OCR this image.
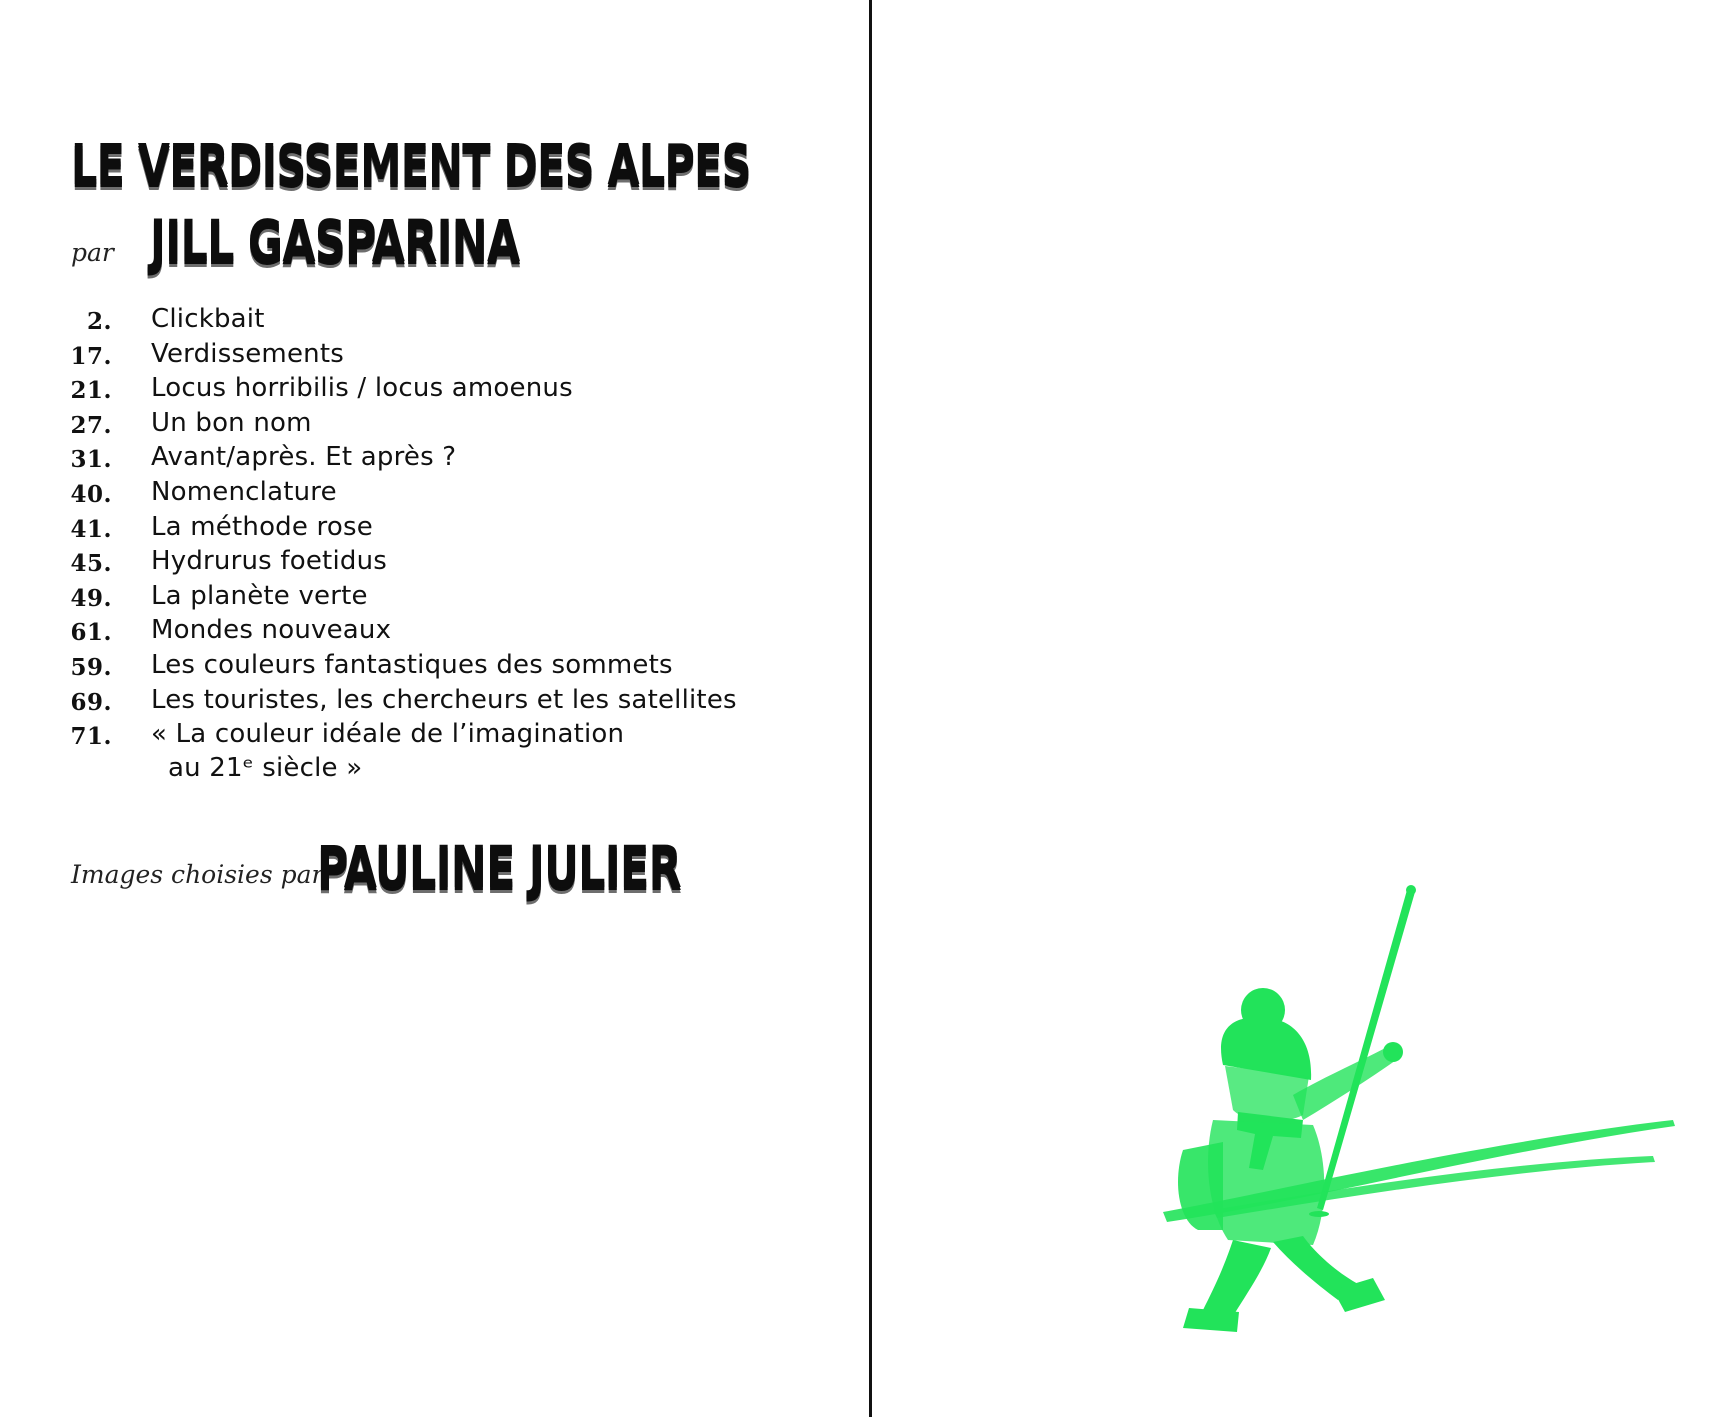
LE VERDISSEMENT DES ALPES
par JILL GASPARINA
2. Clickbait
17. Verdissements
21. Locus horribilis / locus amoenus
27. Un bon nom
31. Avant/après. Et après ?
40. Nomenclature
41. La méthode rose
45. Hydrurus foetidus
49. La planète verte
61. Mondes nouveaux
59. Les couleurs fantastiques des sommets
69. Les touristes, les chercheurs et les satellites
71. « La couleur idéale de l’imagination
au 21ᵉ siècle »
Images choisies par
PAULINE JULIER
